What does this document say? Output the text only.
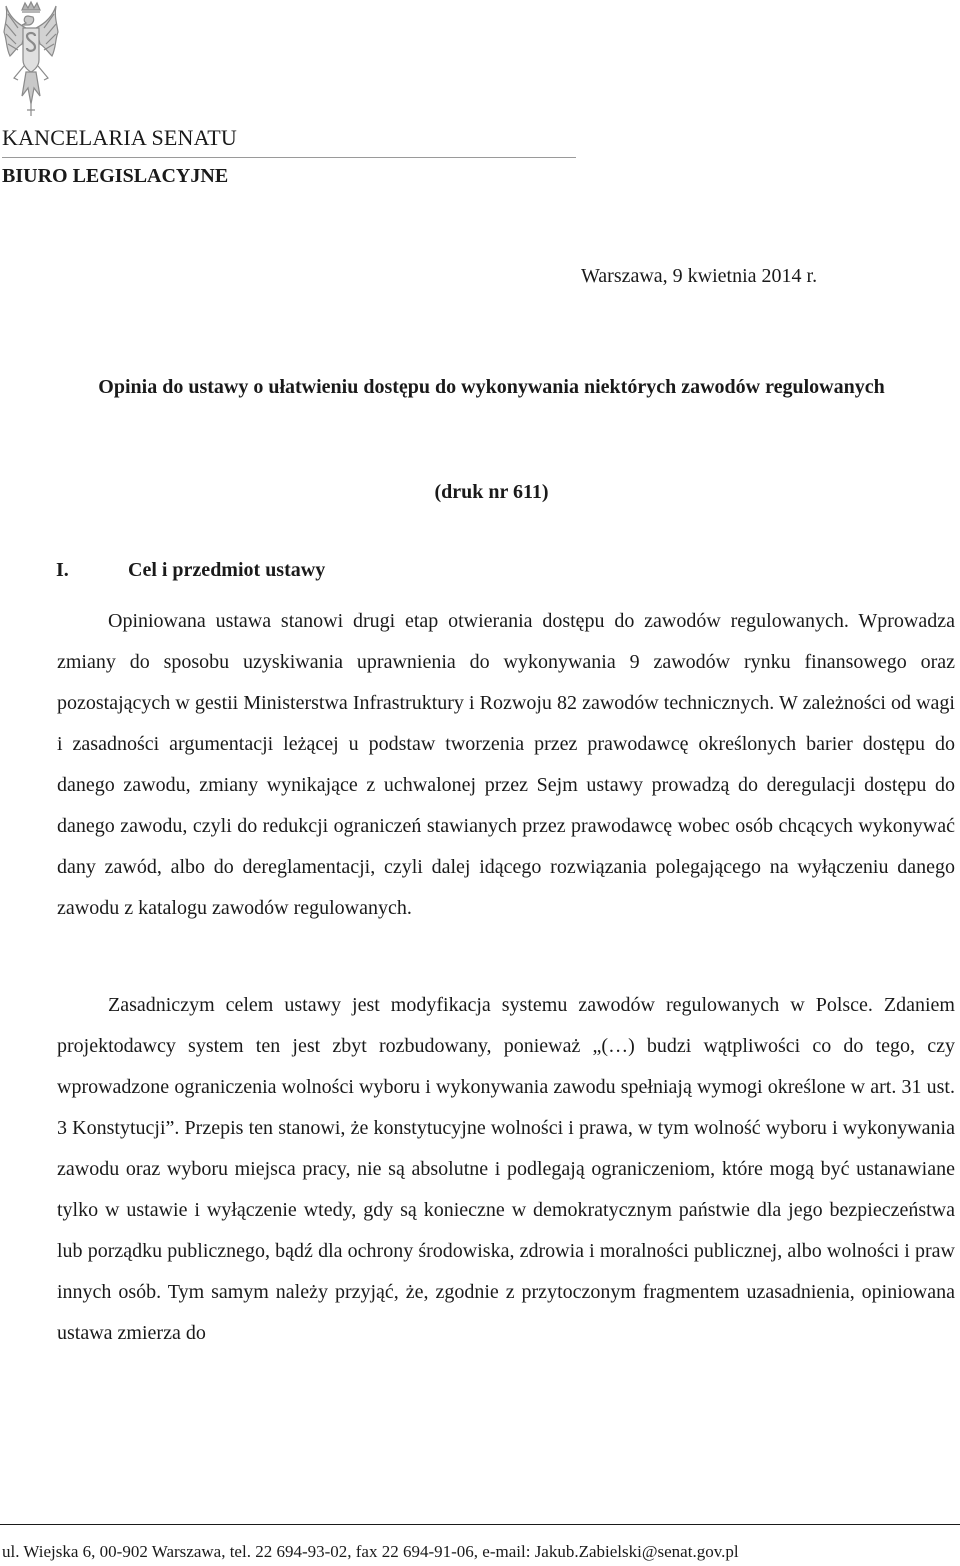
KANCELARIA SENATU
BIURO LEGISLACYJNE
Warszawa, 9 kwietnia 2014 r.
Opinia do ustawy o ułatwieniu dostępu do wykonywania niektórych zawodów regulowanych
(druk nr 611)
I.	Cel i przedmiot ustawy

Opiniowana ustawa stanowi drugi etap otwierania dostępu do zawodów regulowanych. Wprowadza zmiany do sposobu uzyskiwania uprawnienia do wykonywania 9 zawodów rynku finansowego oraz pozostających w gestii Ministerstwa Infrastruktury i Rozwoju 82 zawodów technicznych. W zależności od wagi i zasadności argumentacji leżącej u podstaw tworzenia przez prawodawcę określonych barier dostępu do danego zawodu, zmiany wynikające z uchwalonej przez Sejm ustawy prowadzą do deregulacji dostępu do danego zawodu, czyli do redukcji ograniczeń stawianych przez prawodawcę wobec osób chcących wykonywać dany zawód, albo do dereglamentacji, czyli dalej idącego rozwiązania polegającego na wyłączeniu danego zawodu z katalogu zawodów regulowanych.

Zasadniczym celem ustawy jest modyfikacja systemu zawodów regulowanych w Polsce. Zdaniem projektodawcy system ten jest zbyt rozbudowany, ponieważ „(…) budzi wątpliwości co do tego, czy wprowadzone ograniczenia wolności wyboru i wykonywania zawodu spełniają wymogi określone w art. 31 ust. 3 Konstytucji”. Przepis ten stanowi, że konstytucyjne wolności i prawa, w tym wolność wyboru i wykonywania zawodu oraz wyboru miejsca pracy, nie są absolutne i podlegają ograniczeniom, które mogą być ustanawiane tylko w ustawie i wyłączenie wtedy, gdy są konieczne w demokratycznym państwie dla jego bezpieczeństwa lub porządku publicznego, bądź dla ochrony środowiska, zdrowia i moralności publicznej, albo wolności i praw innych osób. Tym samym należy przyjąć, że, zgodnie z przytoczonym fragmentem uzasadnienia, opiniowana ustawa zmierza do

ul. Wiejska 6, 00-902 Warszawa, tel. 22 694-93-02, fax 22 694-91-06, e-mail: Jakub.Zabielski@senat.gov.pl
